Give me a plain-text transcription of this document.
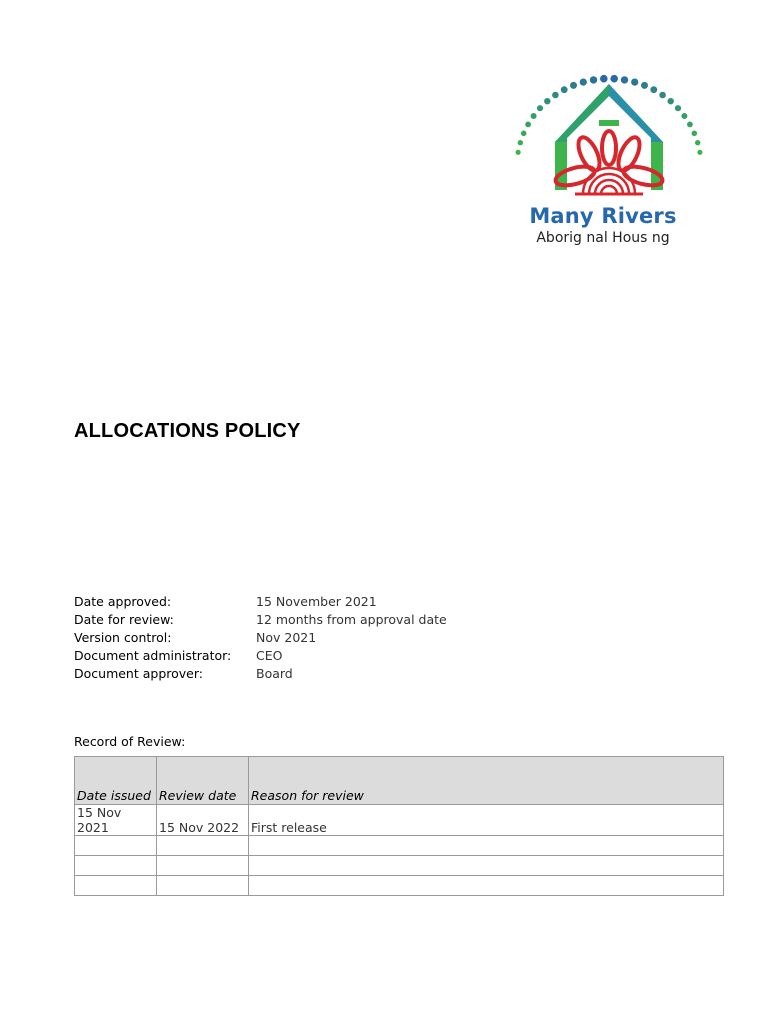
Many Rivers
Aborig nal Hous ng
ALLOCATIONS POLICY
Date approved:	15 November 2021
Date for review:	12 months from approval date
Version control:	Nov 2021
Document administrator:	CEO
Document approver:	Board
Record of Review:
Date issued	Review date	Reason for review
15 Nov 2021	15 Nov 2022	First release
